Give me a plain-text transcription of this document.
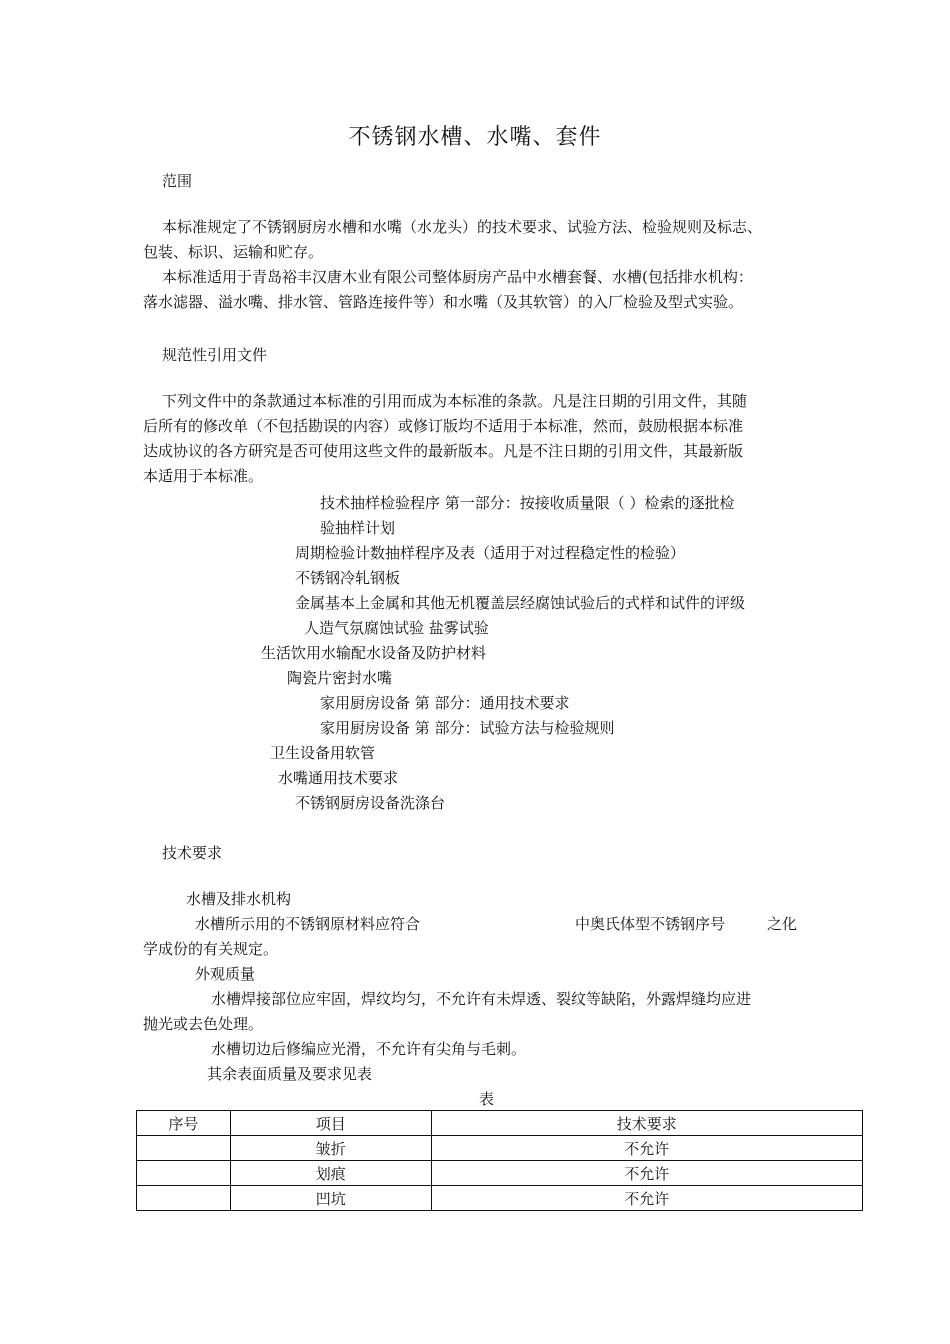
不锈钢水槽、水嘴、套件
范围
本标准规定了不锈钢厨房水槽和水嘴（水龙头）的技术要求、试验方法、检验规则及标志、
包装、标识、运输和贮存。
本标准适用于青岛裕丰汉唐木业有限公司整体厨房产品中水槽套餐、水槽(包括排水机构：
落水滤器、溢水嘴、排水管、管路连接件等）和水嘴（及其软管）的入厂检验及型式实验。
规范性引用文件
下列文件中的条款通过本标准的引用而成为本标准的条款。凡是注日期的引用文件，其随
后所有的修改单（不包括勘误的内容）或修订版均不适用于本标准，然而，鼓励根据本标准
达成协议的各方研究是否可使用这些文件的最新版本。凡是不注日期的引用文件，其最新版
本适用于本标准。
技术抽样检验程序 第一部分：按接收质量限（ ）检索的逐批检
验抽样计划
周期检验计数抽样程序及表（适用于对过程稳定性的检验）
不锈钢冷轧钢板
金属基本上金属和其他无机覆盖层经腐蚀试验后的式样和试件的评级
人造气氛腐蚀试验 盐雾试验
生活饮用水输配水设备及防护材料
陶瓷片密封水嘴
家用厨房设备 第 部分：通用技术要求
家用厨房设备 第 部分：试验方法与检验规则
卫生设备用软管
水嘴通用技术要求
不锈钢厨房设备洗涤台
技术要求
水槽及排水机构
水槽所示用的不锈钢原材料应符合	中奥氏体型不锈钢序号	之化
学成份的有关规定。
外观质量
水槽焊接部位应牢固，焊纹均匀，不允许有未焊透、裂纹等缺陷，外露焊缝均应进
抛光或去色处理。
水槽切边后修编应光滑，不允许有尖角与毛刺。
其余表面质量及要求见表
表
序号	项目	技术要求
	皱折	不允许
	划痕	不允许
	凹坑	不允许
